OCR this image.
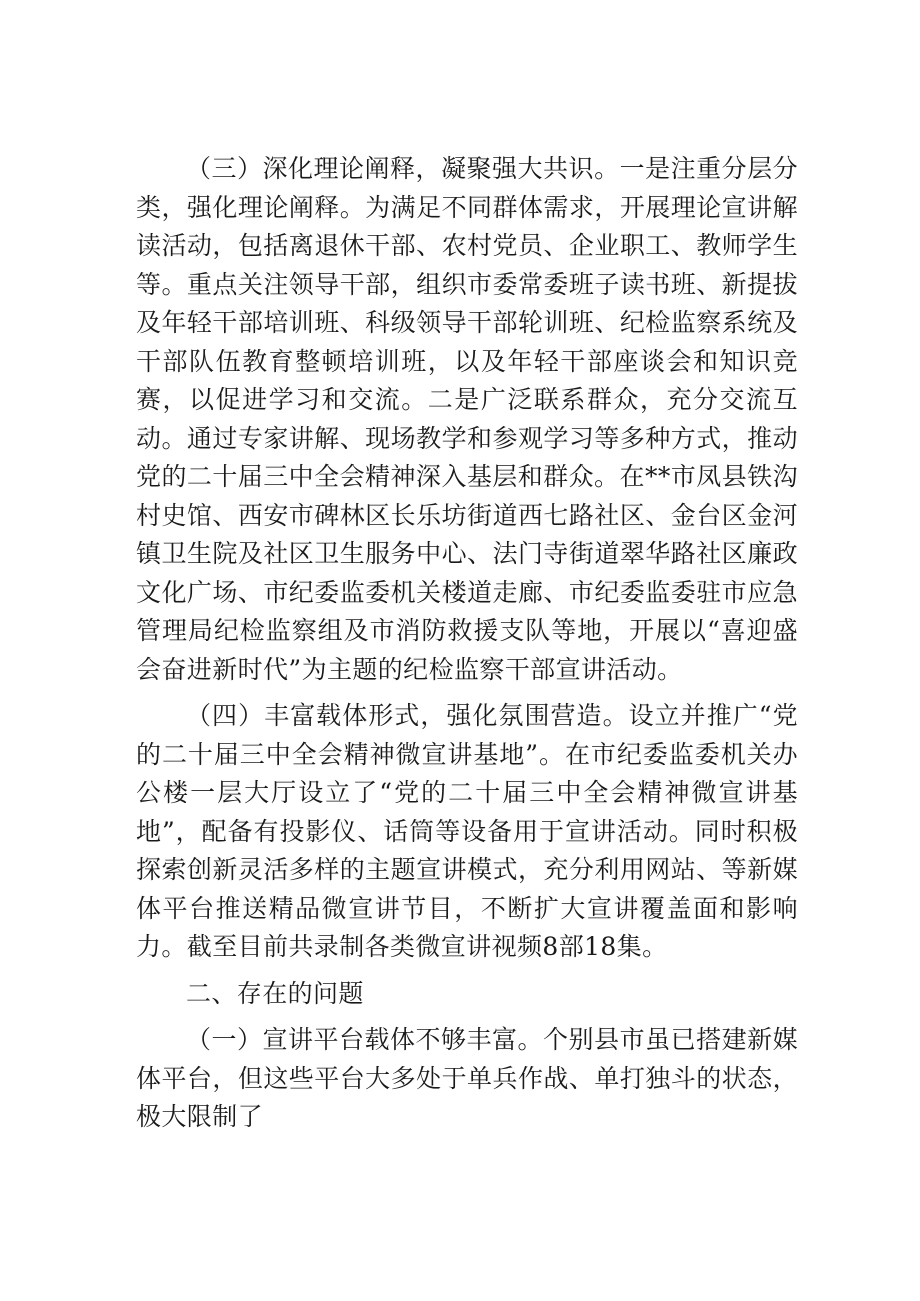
（三）深化理论阐释，凝聚强大共识。一是注重分层分类，强化理论阐释。为满足不同群体需求，开展理论宣讲解读活动，包括离退休干部、农村党员、企业职工、教师学生等。重点关注领导干部，组织市委常委班子读书班、新提拔及年轻干部培训班、科级领导干部轮训班、纪检监察系统及干部队伍教育整顿培训班，以及年轻干部座谈会和知识竞赛，以促进学习和交流。二是广泛联系群众，充分交流互动。通过专家讲解、现场教学和参观学习等多种方式，推动党的二十届三中全会精神深入基层和群众。在**市凤县铁沟村史馆、西安市碑林区长乐坊街道西七路社区、金台区金河镇卫生院及社区卫生服务中心、法门寺街道翠华路社区廉政文化广场、市纪委监委机关楼道走廊、市纪委监委驻市应急管理局纪检监察组及市消防救援支队等地，开展以“喜迎盛会奋进新时代”为主题的纪检监察干部宣讲活动。

（四）丰富载体形式，强化氛围营造。设立并推广“党的二十届三中全会精神微宣讲基地”。在市纪委监委机关办公楼一层大厅设立了“党的二十届三中全会精神微宣讲基地”，配备有投影仪、话筒等设备用于宣讲活动。同时积极探索创新灵活多样的主题宣讲模式，充分利用网站、等新媒体平台推送精品微宣讲节目，不断扩大宣讲覆盖面和影响力。截至目前共录制各类微宣讲视频8部18集。

二、存在的问题

（一）宣讲平台载体不够丰富。个别县市虽已搭建新媒体平台，但这些平台大多处于单兵作战、单打独斗的状态，极大限制了
